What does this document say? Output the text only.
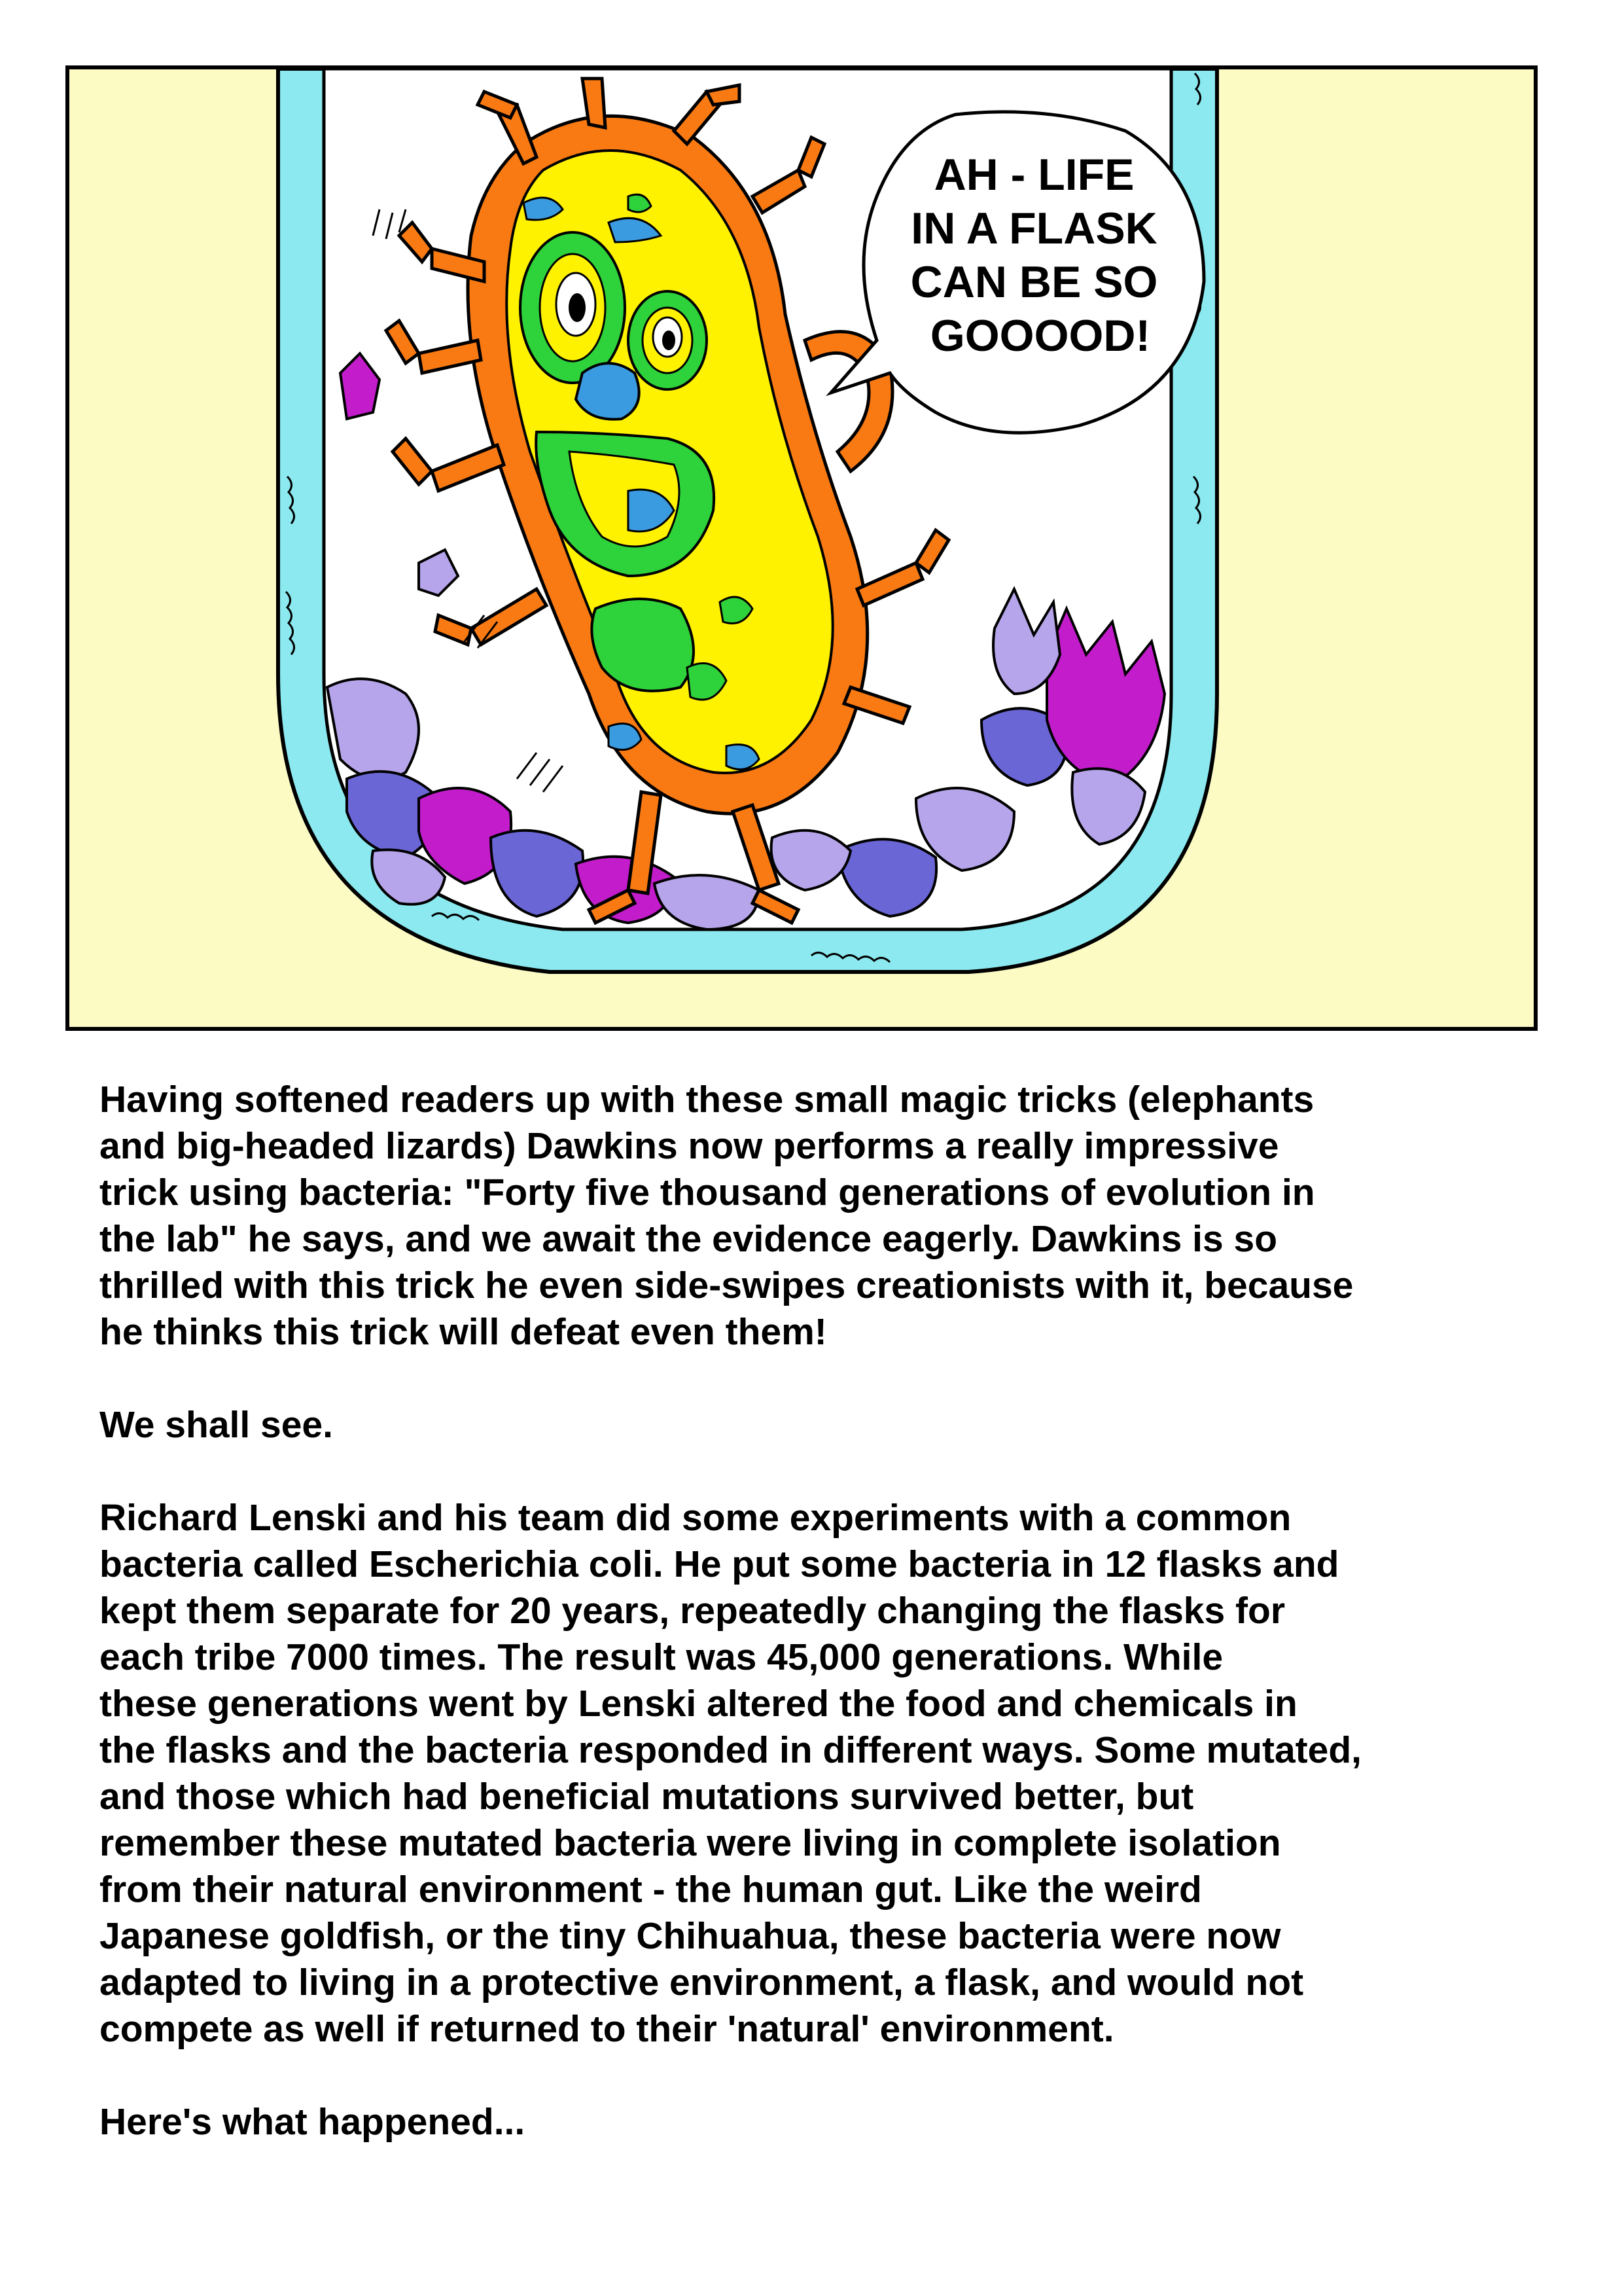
AH - LIFE IN A FLASK CAN BE SO GOOOOD!

Having softened readers up with these small magic tricks (elephants
and big-headed lizards) Dawkins now performs a really impressive
trick using bacteria: "Forty five thousand generations of evolution in
the lab" he says, and we await the evidence eagerly. Dawkins is so
thrilled with this trick he even side-swipes creationists with it, because
he thinks this trick will defeat even them!

We shall see.

Richard Lenski and his team did some experiments with a common
bacteria called Escherichia coli. He put some bacteria in 12 flasks and
kept them separate for 20 years, repeatedly changing the flasks for
each tribe 7000 times. The result was 45,000 generations. While
these generations went by Lenski altered the food and chemicals in
the flasks and the bacteria responded in different ways. Some mutated,
and those which had beneficial mutations survived better, but
remember these mutated bacteria were living in complete isolation
from their natural environment - the human gut. Like the weird
Japanese goldfish, or the tiny Chihuahua, these bacteria were now
adapted to living in a protective environment, a flask, and would not
compete as well if returned to their 'natural' environment.

Here's what happened...
